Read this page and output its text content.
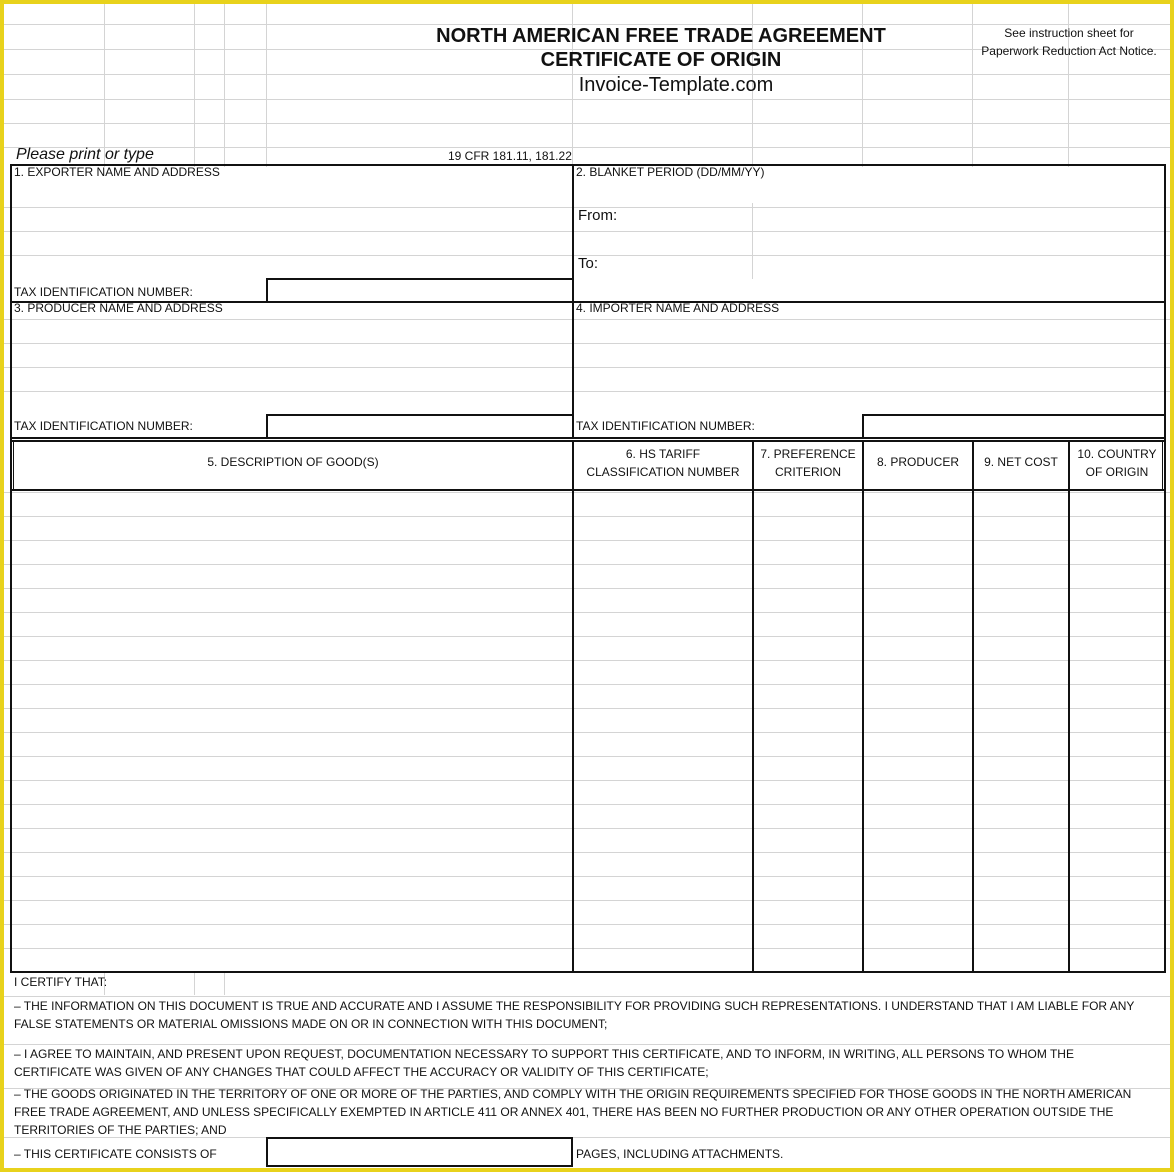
NORTH AMERICAN FREE TRADE AGREEMENT
CERTIFICATE OF ORIGIN
Invoice-Template.com
See instruction sheet for
Paperwork Reduction Act Notice.
Please print or type	19 CFR 181.11, 181.22
1. EXPORTER NAME AND ADDRESS
TAX IDENTIFICATION NUMBER:
2. BLANKET PERIOD (DD/MM/YY)
From:
To:
3. PRODUCER NAME AND ADDRESS
TAX IDENTIFICATION NUMBER:
4. IMPORTER NAME AND ADDRESS
TAX IDENTIFICATION NUMBER:
5. DESCRIPTION OF GOOD(S)
6. HS TARIFF
CLASSIFICATION NUMBER
7. PREFERENCE
CRITERION
8. PRODUCER	9. NET COST
10. COUNTRY
OF ORIGIN
I CERTIFY THAT:
– THE INFORMATION ON THIS DOCUMENT IS TRUE AND ACCURATE AND I ASSUME THE RESPONSIBILITY FOR PROVIDING SUCH REPRESENTATIONS. I UNDERSTAND THAT I AM LIABLE FOR ANY FALSE STATEMENTS OR MATERIAL OMISSIONS MADE ON OR IN CONNECTION WITH THIS DOCUMENT;
– I AGREE TO MAINTAIN, AND PRESENT UPON REQUEST, DOCUMENTATION NECESSARY TO SUPPORT THIS CERTIFICATE, AND TO INFORM, IN WRITING, ALL PERSONS TO WHOM THE CERTIFICATE WAS GIVEN OF ANY CHANGES THAT COULD AFFECT THE ACCURACY OR VALIDITY OF THIS CERTIFICATE;
– THE GOODS ORIGINATED IN THE TERRITORY OF ONE OR MORE OF THE PARTIES, AND COMPLY WITH THE ORIGIN REQUIREMENTS SPECIFIED FOR THOSE GOODS IN THE NORTH AMERICAN FREE TRADE AGREEMENT, AND UNLESS SPECIFICALLY EXEMPTED IN ARTICLE 411 OR ANNEX 401, THERE HAS BEEN NO FURTHER PRODUCTION OR ANY OTHER OPERATION OUTSIDE THE TERRITORIES OF THE PARTIES; AND
– THIS CERTIFICATE CONSISTS OF	PAGES, INCLUDING ATTACHMENTS.
